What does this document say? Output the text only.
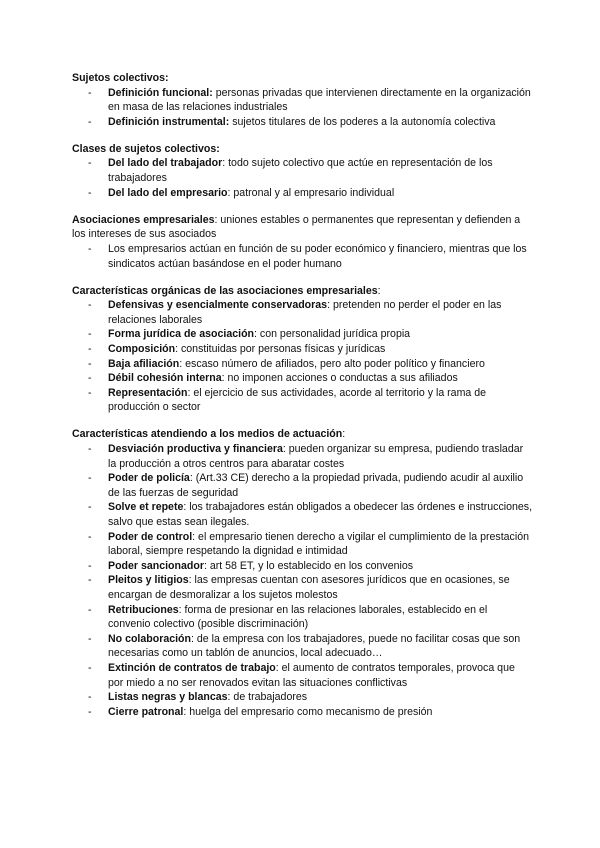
Sujetos colectivos:
- Definición funcional: personas privadas que intervienen directamente en la organización en masa de las relaciones industriales
- Definición instrumental: sujetos titulares de los poderes a la autonomía colectiva
Clases de sujetos colectivos:
- Del lado del trabajador: todo sujeto colectivo que actúe en representación de los trabajadores
- Del lado del empresario: patronal y al empresario individual
Asociaciones empresariales: uniones estables o permanentes que representan y defienden a los intereses de sus asociados
- Los empresarios actúan en función de su poder económico y financiero, mientras que los sindicatos actúan basándose en el poder humano
Características orgánicas de las asociaciones empresariales:
- Defensivas y esencialmente conservadoras: pretenden no perder el poder en las relaciones laborales
- Forma jurídica de asociación: con personalidad jurídica propia
- Composición: constituidas por personas físicas y jurídicas
- Baja afiliación: escaso número de afiliados, pero alto poder político y financiero
- Débil cohesión interna: no imponen acciones o conductas a sus afiliados
- Representación: el ejercicio de sus actividades, acorde al territorio y la rama de producción o sector
Características atendiendo a los medios de actuación:
- Desviación productiva y financiera: pueden organizar su empresa, pudiendo trasladar la producción a otros centros para abaratar costes
- Poder de policía: (Art.33 CE) derecho a la propiedad privada, pudiendo acudir al auxilio de las fuerzas de seguridad
- Solve et repete: los trabajadores están obligados a obedecer las órdenes e instrucciones, salvo que estas sean ilegales.
- Poder de control: el empresario tienen derecho a vigilar el cumplimiento de la prestación laboral, siempre respetando la dignidad e intimidad
- Poder sancionador: art 58 ET, y lo establecido en los convenios
- Pleitos y litigios: las empresas cuentan con asesores jurídicos que en ocasiones, se encargan de desmoralizar a los sujetos molestos
- Retribuciones: forma de presionar en las relaciones laborales, establecido en el convenio colectivo (posible discriminación)
- No colaboración: de la empresa con los trabajadores, puede no facilitar cosas que son necesarias como un tablón de anuncios, local adecuado…
- Extinción de contratos de trabajo: el aumento de contratos temporales, provoca que por miedo a no ser renovados evitan las situaciones conflictivas
- Listas negras y blancas: de trabajadores
- Cierre patronal: huelga del empresario como mecanismo de presión
